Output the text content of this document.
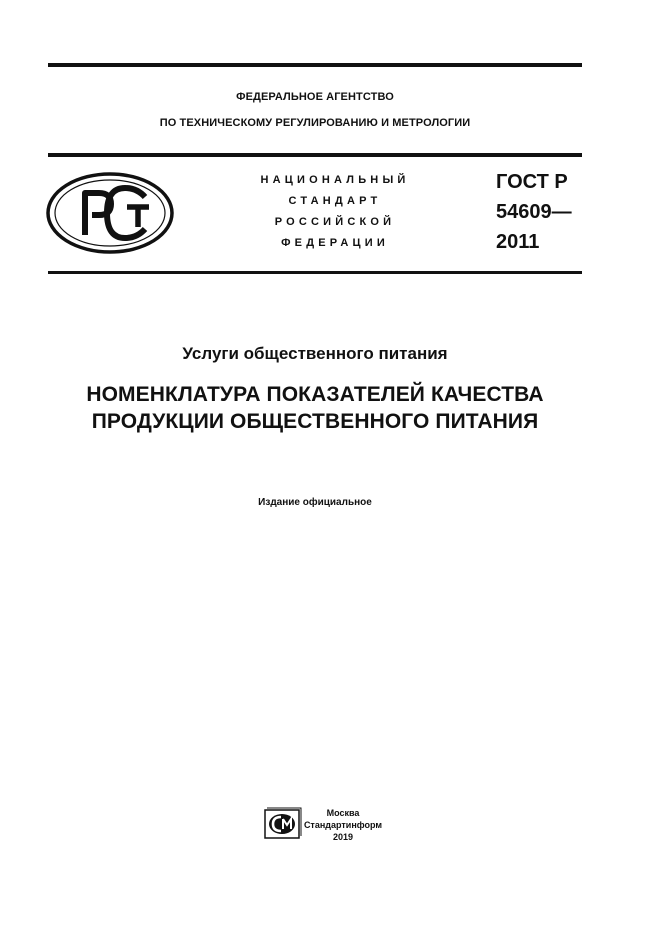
ФЕДЕРАЛЬНОЕ АГЕНТСТВО
ПО ТЕХНИЧЕСКОМУ РЕГУЛИРОВАНИЮ И МЕТРОЛОГИИ
НАЦИОНАЛЬНЫЙ
СТАНДАРТ
РОССИЙСКОЙ
ФЕДЕРАЦИИ
ГОСТ Р
54609—
2011
Услуги общественного питания
НОМЕНКЛАТУРА ПОКАЗАТЕЛЕЙ КАЧЕСТВА
ПРОДУКЦИИ ОБЩЕСТВЕННОГО ПИТАНИЯ
Издание официальное
Москва
Стандартинформ
2019
